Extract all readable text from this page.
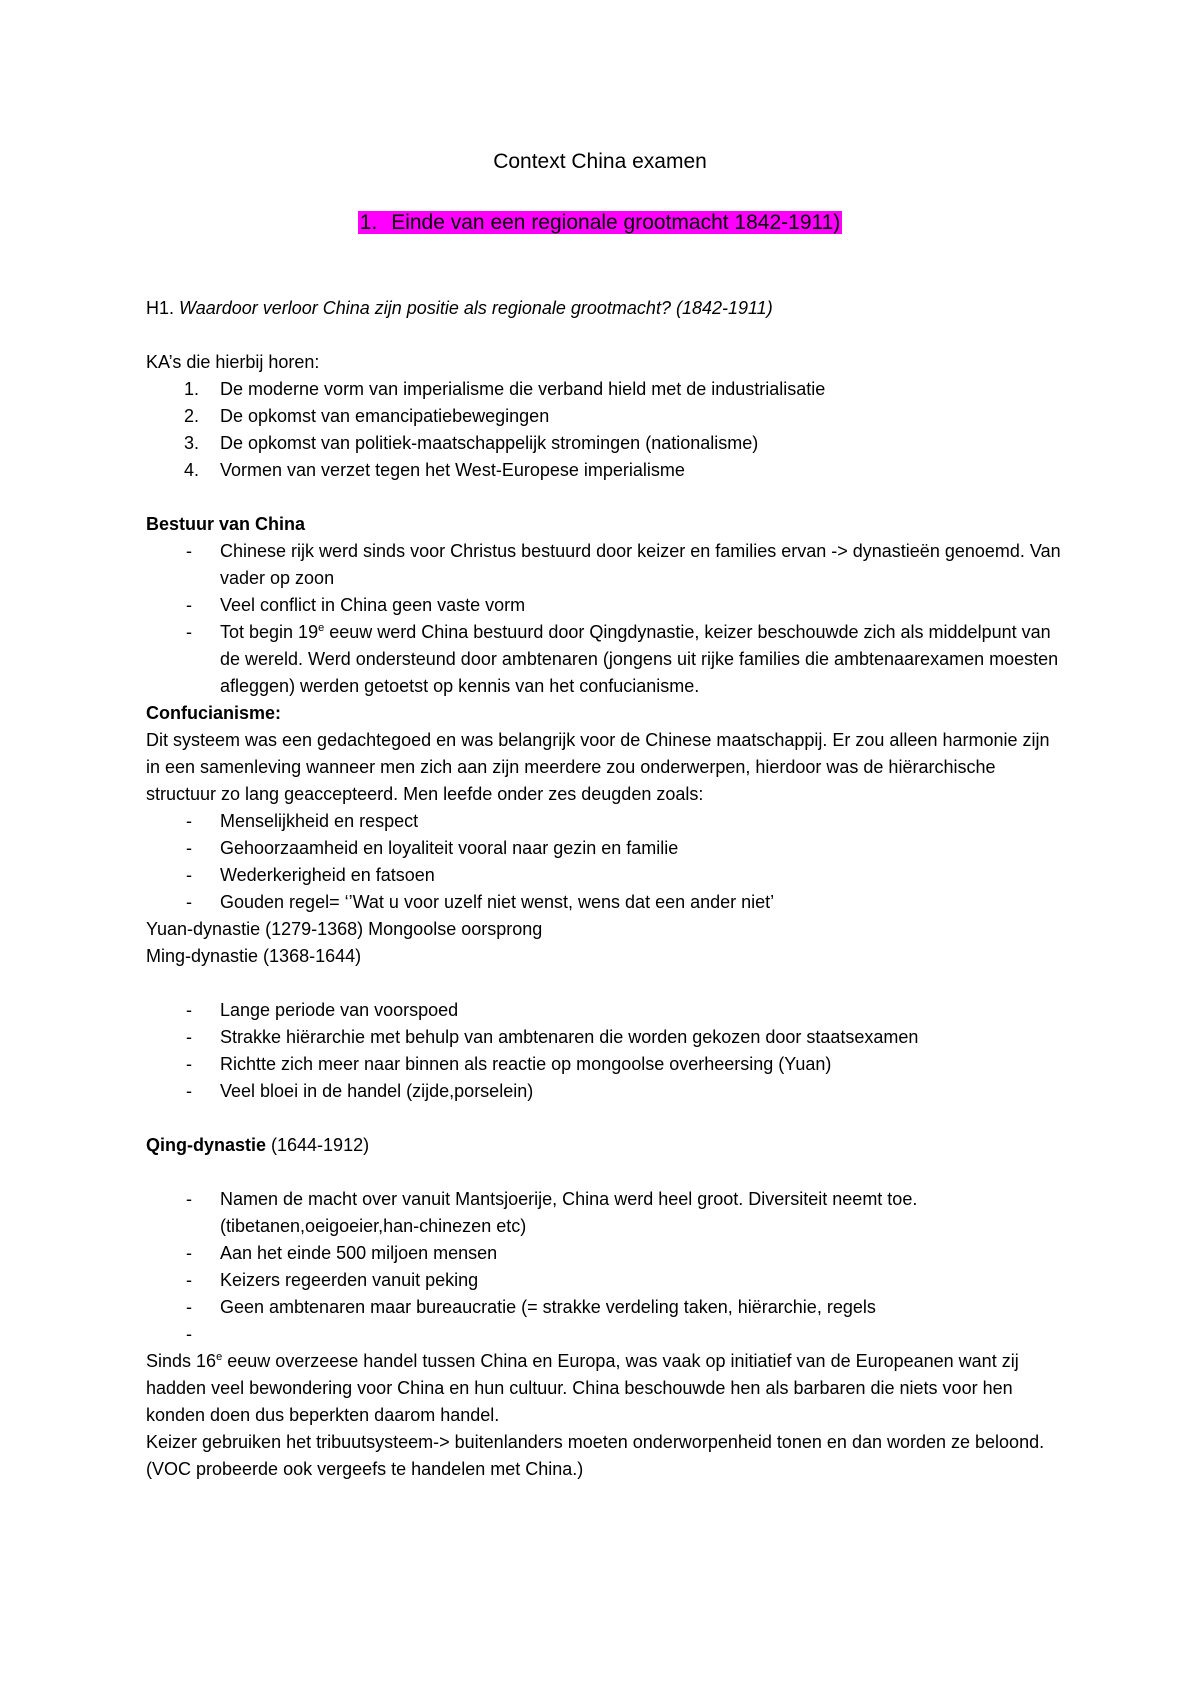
Context China examen
1. Einde van een regionale grootmacht 1842-1911)
H1. Waardoor verloor China zijn positie als regionale grootmacht? (1842-1911)
KA’s die hierbij horen:
1. De moderne vorm van imperialisme die verband hield met de industrialisatie
2. De opkomst van emancipatiebewegingen
3. De opkomst van politiek-maatschappelijk stromingen (nationalisme)
4. Vormen van verzet tegen het West-Europese imperialisme
Bestuur van China
- Chinese rijk werd sinds voor Christus bestuurd door keizer en families ervan -> dynastieën genoemd. Van vader op zoon
- Veel conflict in China geen vaste vorm
- Tot begin 19e eeuw werd China bestuurd door Qingdynastie, keizer beschouwde zich als middelpunt van de wereld. Werd ondersteund door ambtenaren (jongens uit rijke families die ambtenaarexamen moesten afleggen) werden getoetst op kennis van het confucianisme.
Confucianisme:
Dit systeem was een gedachtegoed en was belangrijk voor de Chinese maatschappij. Er zou alleen harmonie zijn in een samenleving wanneer men zich aan zijn meerdere zou onderwerpen, hierdoor was de hiërarchische structuur zo lang geaccepteerd. Men leefde onder zes deugden zoals:
- Menselijkheid en respect
- Gehoorzaamheid en loyaliteit vooral naar gezin en familie
- Wederkerigheid en fatsoen
- Gouden regel= ‘’Wat u voor uzelf niet wenst, wens dat een ander niet’
Yuan-dynastie (1279-1368) Mongoolse oorsprong
Ming-dynastie (1368-1644)
- Lange periode van voorspoed
- Strakke hiërarchie met behulp van ambtenaren die worden gekozen door staatsexamen
- Richtte zich meer naar binnen als reactie op mongoolse overheersing (Yuan)
- Veel bloei in de handel (zijde,porselein)
Qing-dynastie (1644-1912)
- Namen de macht over vanuit Mantsjoerije, China werd heel groot. Diversiteit neemt toe. (tibetanen,oeigoeier,han-chinezen etc)
- Aan het einde 500 miljoen mensen
- Keizers regeerden vanuit peking
- Geen ambtenaren maar bureaucratie (= strakke verdeling taken, hiërarchie, regels
-
Sinds 16e eeuw overzeese handel tussen China en Europa, was vaak op initiatief van de Europeanen want zij hadden veel bewondering voor China en hun cultuur. China beschouwde hen als barbaren die niets voor hen konden doen dus beperkten daarom handel.
Keizer gebruiken het tribuutsysteem-> buitenlanders moeten onderworpenheid tonen en dan worden ze beloond. (VOC probeerde ook vergeefs te handelen met China.)
